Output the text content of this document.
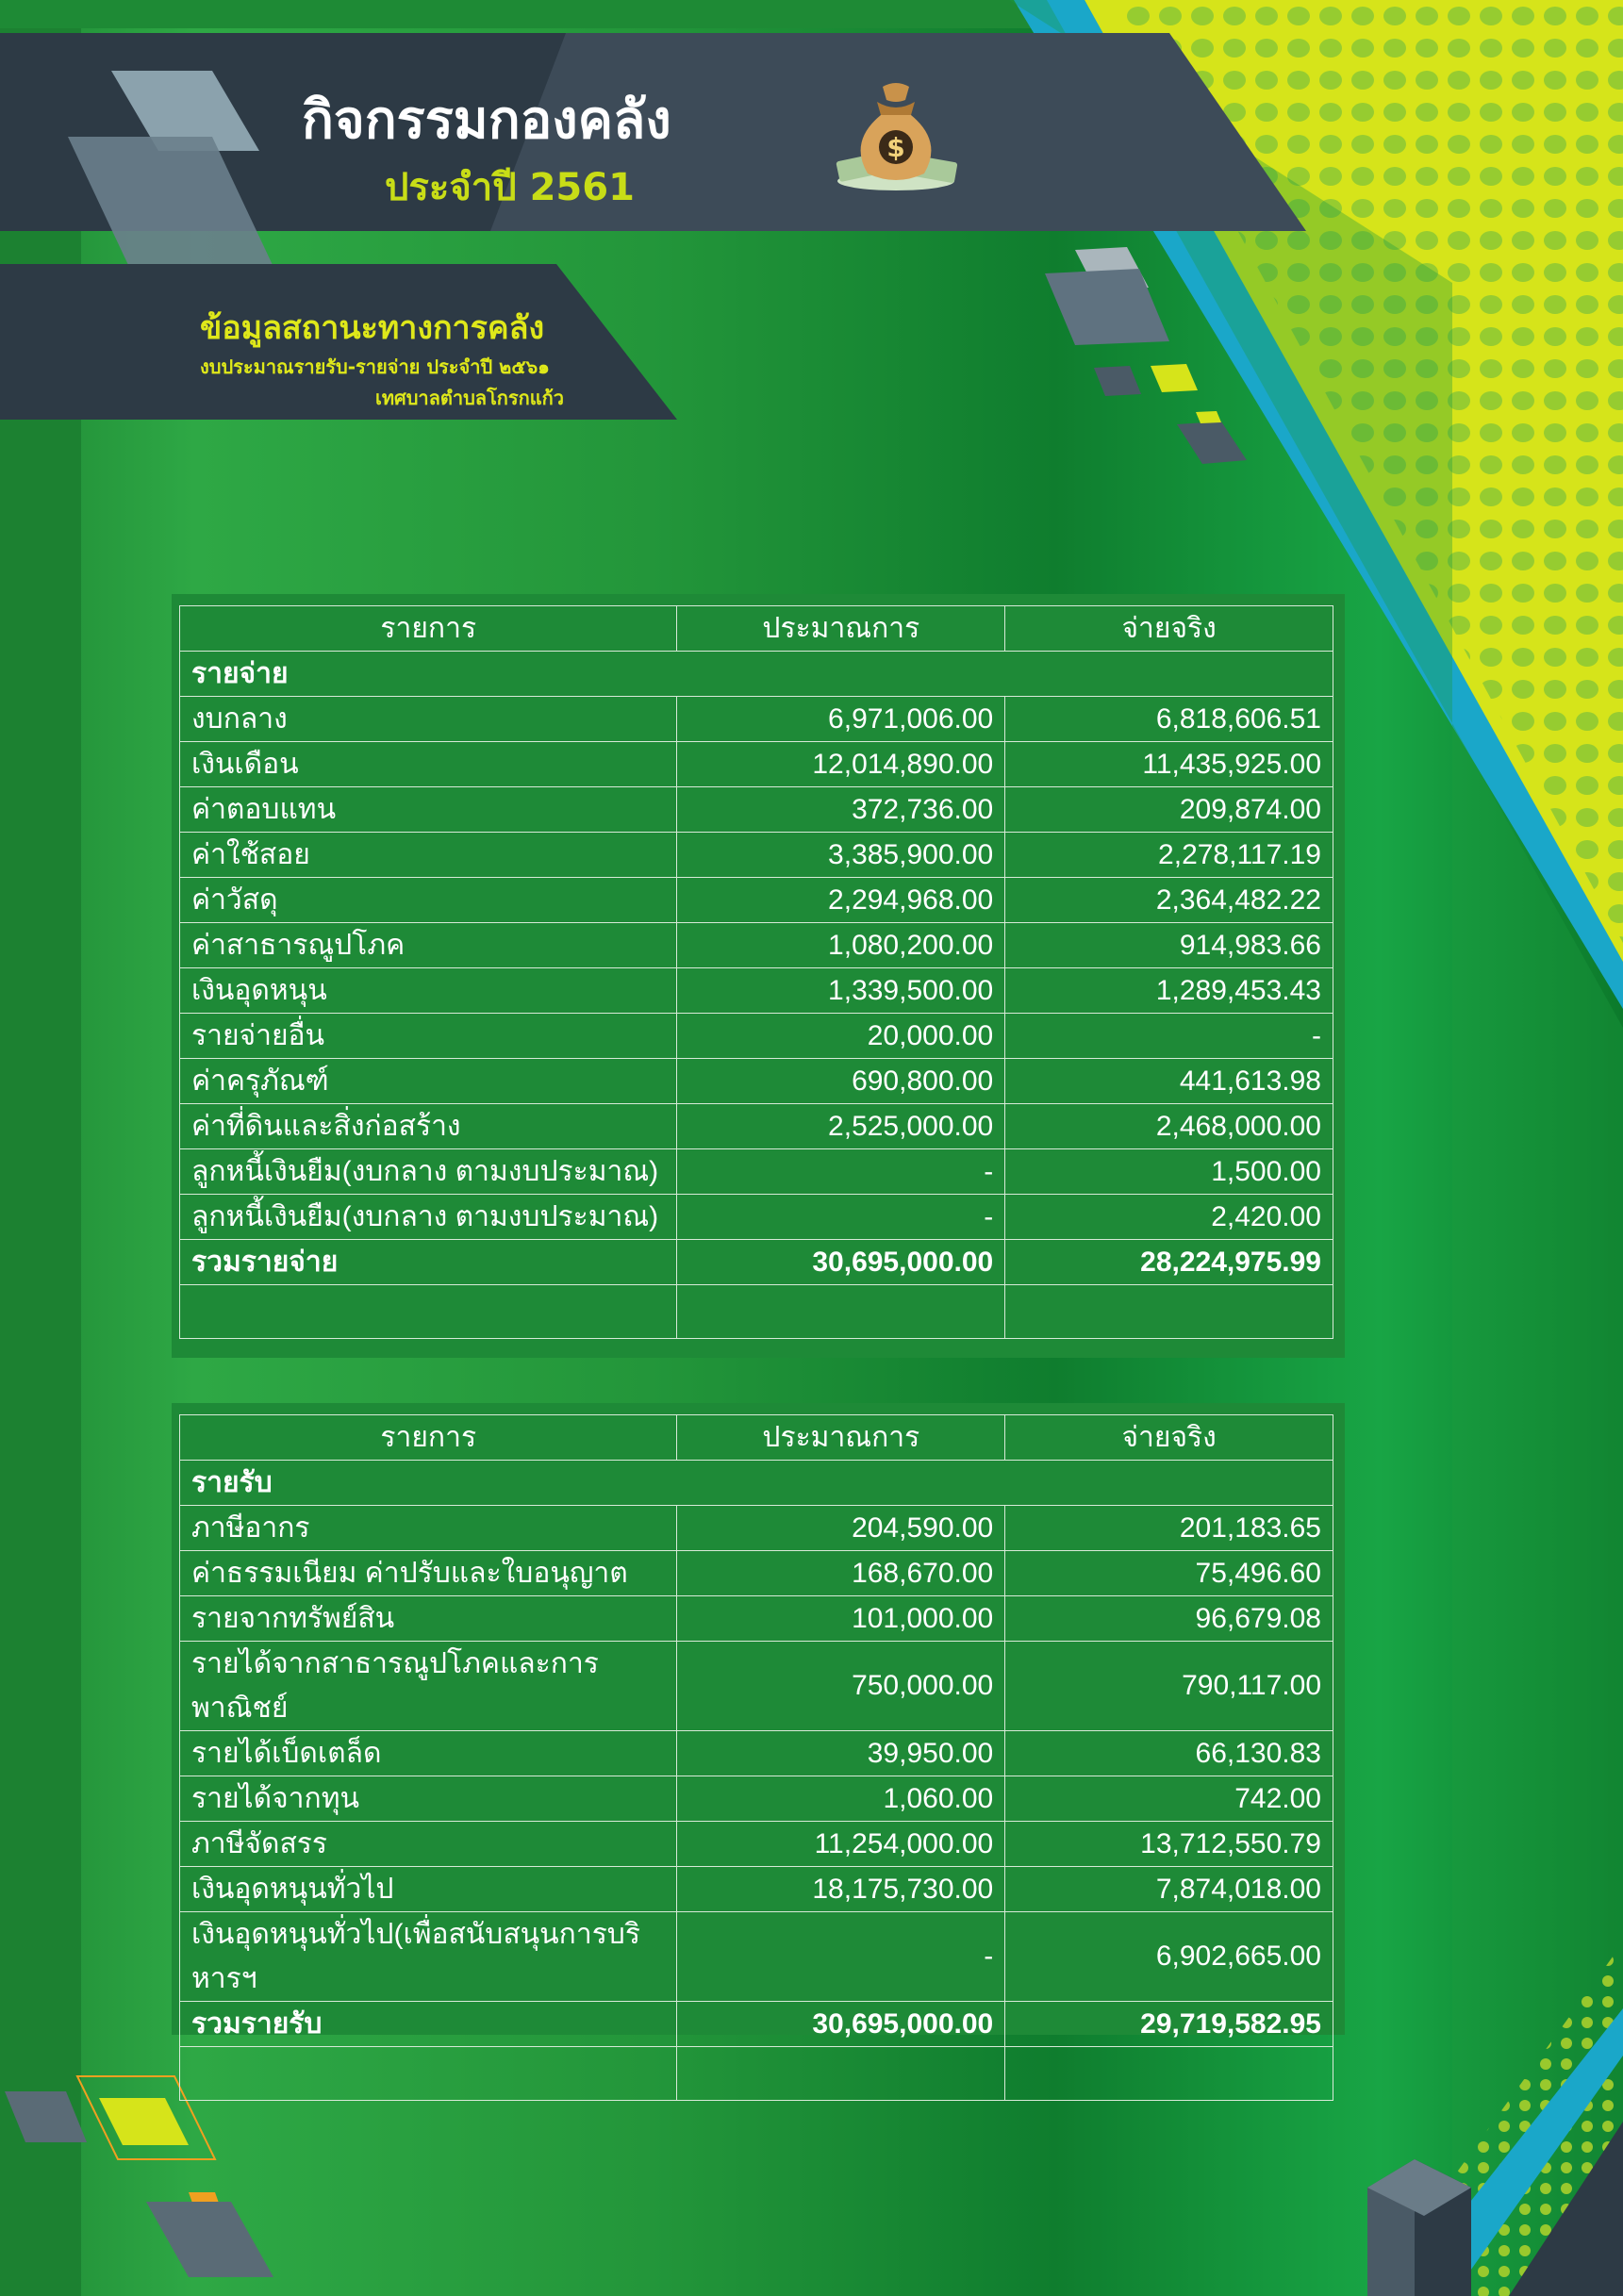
กิจกรรมกองคลัง
ประจำปี 2561
$
ข้อมูลสถานะทางการคลัง
งบประมาณรายรับ-รายจ่าย ประจำปี ๒๕๖๑
เทศบาลตำบลโกรกแก้ว
รายการ	ประมาณการ	จ่ายจริง
รายจ่าย		
งบกลาง	6,971,006.00	6,818,606.51
เงินเดือน	12,014,890.00	11,435,925.00
ค่าตอบแทน	372,736.00	209,874.00
ค่าใช้สอย	3,385,900.00	2,278,117.19
ค่าวัสดุ	2,294,968.00	2,364,482.22
ค่าสาธารณูปโภค	1,080,200.00	914,983.66
เงินอุดหนุน	1,339,500.00	1,289,453.43
รายจ่ายอื่น	20,000.00	-
ค่าครุภัณฑ์	690,800.00	441,613.98
ค่าที่ดินและสิ่งก่อสร้าง	2,525,000.00	2,468,000.00
ลูกหนี้เงินยืม(งบกลาง ตามงบประมาณ)	-	1,500.00
ลูกหนี้เงินยืม(งบกลาง ตามงบประมาณ)	-	2,420.00
รวมรายจ่าย	30,695,000.00	28,224,975.99

รายการ	ประมาณการ	จ่ายจริง
รายรับ		
ภาษีอากร	204,590.00	201,183.65
ค่าธรรมเนียม ค่าปรับและใบอนุญาต	168,670.00	75,496.60
รายจากทรัพย์สิน	101,000.00	96,679.08
รายได้จากสาธารณูปโภคและการพาณิชย์	750,000.00	790,117.00
รายได้เบ็ดเตล็ด	39,950.00	66,130.83
รายได้จากทุน	1,060.00	742.00
ภาษีจัดสรร	11,254,000.00	13,712,550.79
เงินอุดหนุนทั่วไป	18,175,730.00	7,874,018.00
เงินอุดหนุนทั่วไป(เพื่อสนับสนุนการบริหารฯ	-	6,902,665.00
รวมรายรับ	30,695,000.00	29,719,582.95
